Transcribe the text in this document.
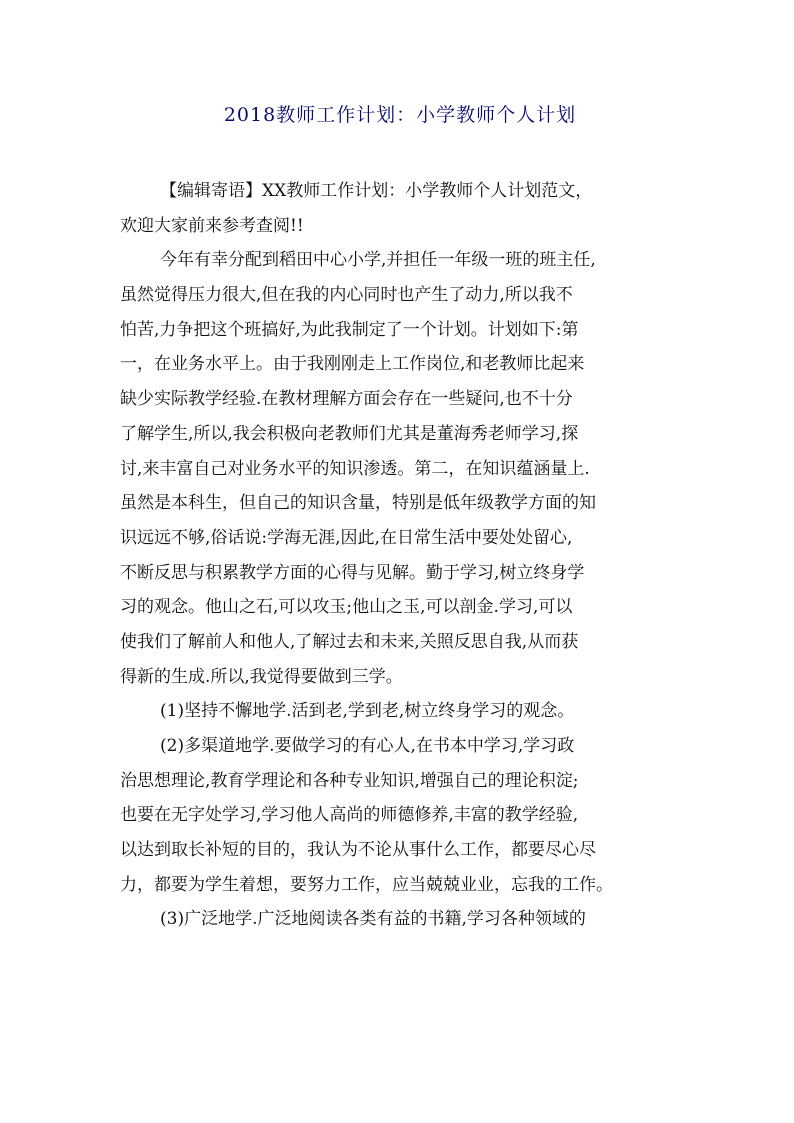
2018教师工作计划：小学教师个人计划
【编辑寄语】XX教师工作计划：小学教师个人计划范文，
欢迎大家前来参考查阅!!
今年有幸分配到稻田中心小学,并担任一年级一班的班主任,
虽然觉得压力很大,但在我的内心同时也产生了动力,所以我不
怕苦,力争把这个班搞好,为此我制定了一个计划。计划如下:第
一，在业务水平上。由于我刚刚走上工作岗位,和老教师比起来
缺少实际教学经验.在教材理解方面会存在一些疑问,也不十分
了解学生,所以,我会积极向老教师们尤其是董海秀老师学习,探
讨,来丰富自己对业务水平的知识渗透。第二，在知识蕴涵量上.
虽然是本科生，但自己的知识含量，特别是低年级教学方面的知
识远远不够,俗话说:学海无涯,因此,在日常生活中要处处留心,
不断反思与积累教学方面的心得与见解。勤于学习,树立终身学
习的观念。他山之石,可以攻玉;他山之玉,可以剖金.学习,可以
使我们了解前人和他人,了解过去和未来,关照反思自我,从而获
得新的生成.所以,我觉得要做到三学。
(1)坚持不懈地学.活到老,学到老,树立终身学习的观念。
(2)多渠道地学.要做学习的有心人,在书本中学习,学习政
治思想理论,教育学理论和各种专业知识,增强自己的理论积淀;
也要在无字处学习,学习他人高尚的师德修养,丰富的教学经验,
以达到取长补短的目的，我认为不论从事什么工作，都要尽心尽
力，都要为学生着想，要努力工作，应当兢兢业业，忘我的工作。
(3)广泛地学.广泛地阅读各类有益的书籍,学习各种领域的
